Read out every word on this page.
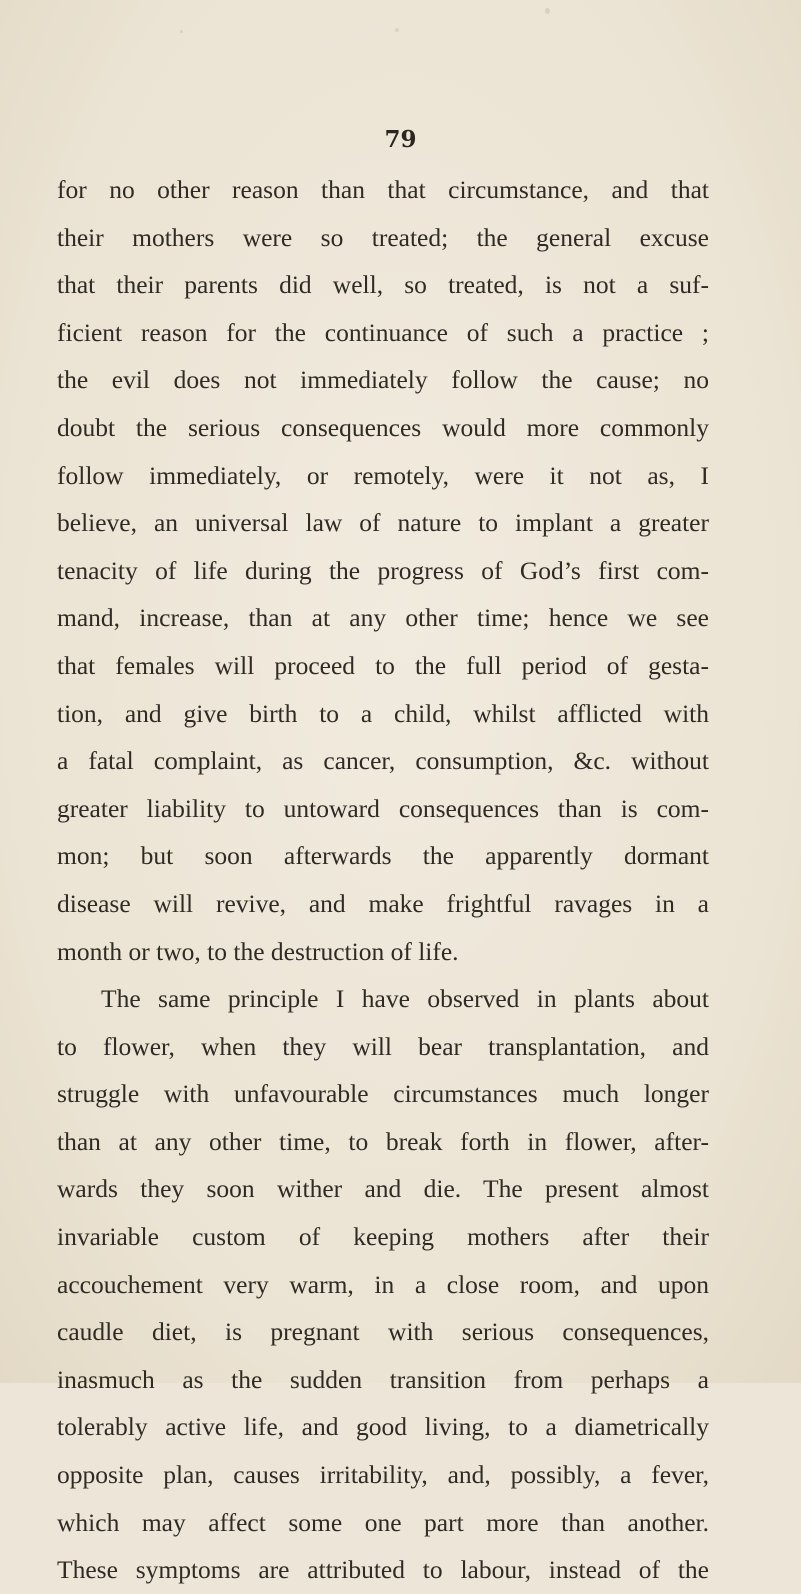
79
for no other reason than that circumstance, and that
their mothers were so treated; the general excuse
that their parents did well, so treated, is not a suf-
ficient reason for the continuance of such a practice ;
the evil does not immediately follow the cause; no
doubt the serious consequences would more commonly
follow immediately, or remotely, were it not as, I
believe, an universal law of nature to implant a greater
tenacity of life during the progress of God’s first com-
mand, increase, than at any other time; hence we see
that females will proceed to the full period of gesta-
tion, and give birth to a child, whilst afflicted with
a fatal complaint, as cancer, consumption, &c. without
greater liability to untoward consequences than is com-
mon; but soon afterwards the apparently dormant
disease will revive, and make frightful ravages in a
month or two, to the destruction of life.
The same principle I have observed in plants about
to flower, when they will bear transplantation, and
struggle with unfavourable circumstances much longer
than at any other time, to break forth in flower, after-
wards they soon wither and die. The present almost
invariable custom of keeping mothers after their
accouchement very warm, in a close room, and upon
caudle diet, is pregnant with serious consequences,
inasmuch as the sudden transition from perhaps a
tolerably active life, and good living, to a diametrically
opposite plan, causes irritability, and, possibly, a fever,
which may affect some one part more than another.
These symptoms are attributed to labour, instead of the
